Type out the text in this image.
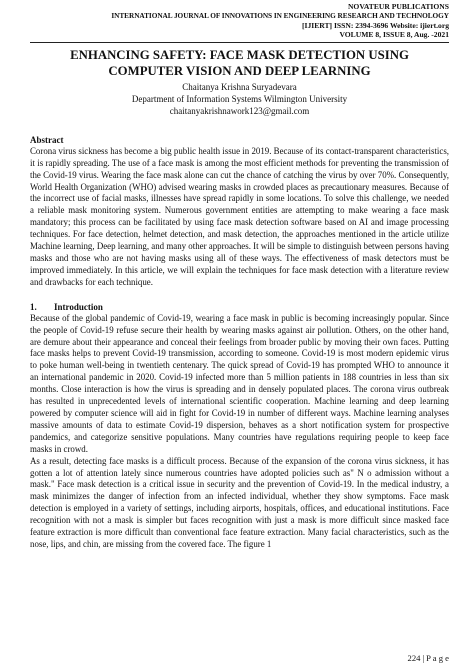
NOVATEUR PUBLICATIONS
INTERNATIONAL JOURNAL OF INNOVATIONS IN ENGINEERING RESEARCH AND TECHNOLOGY
[IJIERT] ISSN: 2394-3696 Website: ijiert.org
VOLUME 8, ISSUE 8, Aug. -2021
ENHANCING SAFETY: FACE MASK DETECTION USING
COMPUTER VISION AND DEEP LEARNING
Chaitanya Krishna Suryadevara
Department of Information Systems Wilmington University
chaitanyakrishnawork123@gmail.com
Abstract

Corona virus sickness has become a big public health issue in 2019. Because of its contact-transparent characteristics, it is rapidly spreading. The use of a face mask is among the most efficient methods for preventing the transmission of the Covid-19 virus. Wearing the face mask alone can cut the chance of catching the virus by over 70%. Consequently, World Health Organization (WHO) advised wearing masks in crowded places as precautionary measures. Because of the incorrect use of facial masks, illnesses have spread rapidly in some locations. To solve this challenge, we needed a reliable mask monitoring system. Numerous government entities are attempting to make wearing a face mask mandatory; this process can be facilitated by using face mask detection software based on AI and image processing techniques. For face detection, helmet detection, and mask detection, the approaches mentioned in the article utilize Machine learning, Deep learning, and many other approaches. It will be simple to distinguish between persons having masks and those who are not having masks using all of these ways. The effectiveness of mask detectors must be improved immediately. In this article, we will explain the techniques for face mask detection with a literature review and drawbacks for each technique.

1. Introduction

Because of the global pandemic of Covid-19, wearing a face mask in public is becoming increasingly popular. Since the people of Covid-19 refuse secure their health by wearing masks against air pollution. Others, on the other hand, are demure about their appearance and conceal their feelings from broader public by moving their own faces. Putting face masks helps to prevent Covid-19 transmission, according to someone. Covid-19 is most modern epidemic virus to poke human well-being in twentieth centenary. The quick spread of Covid-19 has prompted WHO to announce it an international pandemic in 2020. Covid-19 infected more than 5 million patients in 188 countries in less than six months. Close interaction is how the virus is spreading and in densely populated places. The corona virus outbreak has resulted in unprecedented levels of international scientific cooperation. Machine learning and deep learning powered by computer science will aid in fight for Covid-19 in number of different ways. Machine learning analyses massive amounts of data to estimate Covid-19 dispersion, behaves as a short notification system for prospective pandemics, and categorize sensitive populations. Many countries have regulations requiring people to keep face masks in crowd.

As a result, detecting face masks is a difficult process. Because of the expansion of the corona virus sickness, it has gotten a lot of attention lately since numerous countries have adopted policies such as" N o admission without a mask." Face mask detection is a critical issue in security and the prevention of Covid-19. In the medical industry, a mask minimizes the danger of infection from an infected individual, whether they show symptoms. Face mask detection is employed in a variety of settings, including airports, hospitals, offices, and educational institutions. Face recognition with not a mask is simpler but faces recognition with just a mask is more difficult since masked face feature extraction is more difficult than conventional face feature extraction. Many facial characteristics, such as the nose, lips, and chin, are missing from the covered face. The figure 1

224 | P a g e
